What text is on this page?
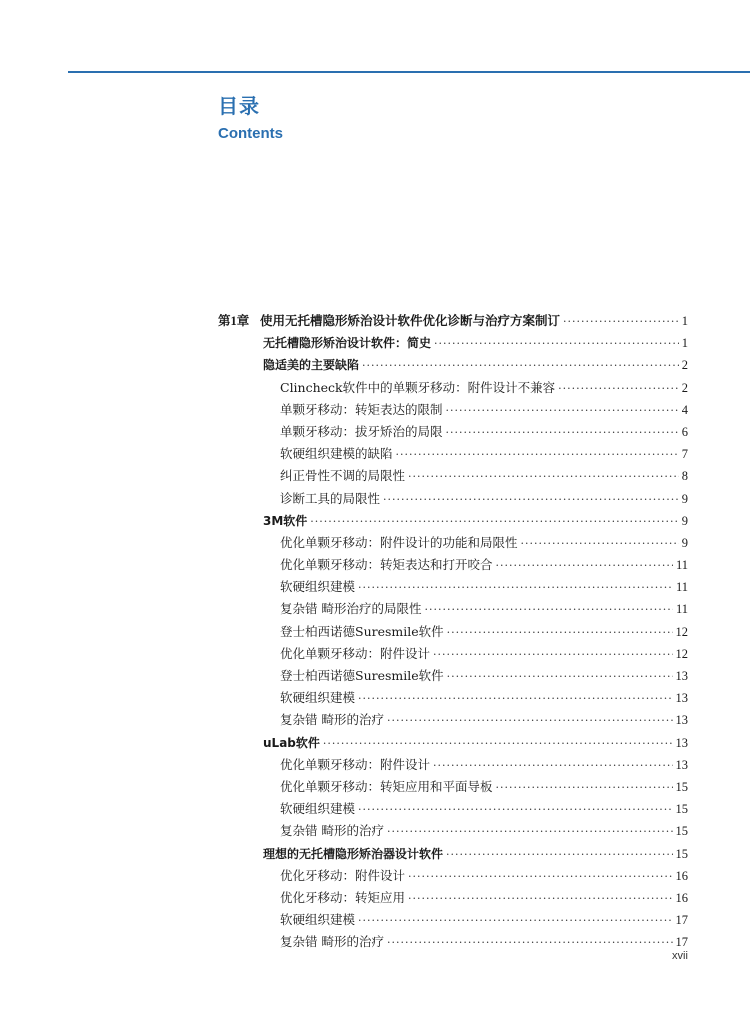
目录
Contents
第1章 使用无托槽隐形矫治设计软件优化诊断与治疗方案制订 ·····	1
无托槽隐形矫治设计软件：简史 ·····	1
隐适美的主要缺陷 ·····	2
Clincheck软件中的单颗牙移动：附件设计不兼容 ·····	2
单颗牙移动：转矩表达的限制 ·····	4
单颗牙移动：拔牙矫治的局限 ·····	6
软硬组织建模的缺陷 ·····	7
纠正骨性不调的局限性 ·····	8
诊断工具的局限性 ·····	9
3M软件 ·····	9
优化单颗牙移动：附件设计的功能和局限性 ·····	9
优化单颗牙移动：转矩表达和打开咬合 ·····	11
软硬组织建模 ·····	11
复杂错 畸形治疗的局限性 ·····	11
登士柏西诺德Suresmile软件 ·····	12
优化单颗牙移动：附件设计 ·····	12
登士柏西诺德Suresmile软件 ·····	13
软硬组织建模 ·····	13
复杂错 畸形的治疗 ·····	13
uLab软件 ·····	13
优化单颗牙移动：附件设计 ·····	13
优化单颗牙移动：转矩应用和平面导板 ·····	15
软硬组织建模 ·····	15
复杂错 畸形的治疗 ·····	15
理想的无托槽隐形矫治器设计软件 ·····	15
优化牙移动：附件设计 ·····	16
优化牙移动：转矩应用 ·····	16
软硬组织建模 ·····	17
复杂错 畸形的治疗 ·····	17
xvii
